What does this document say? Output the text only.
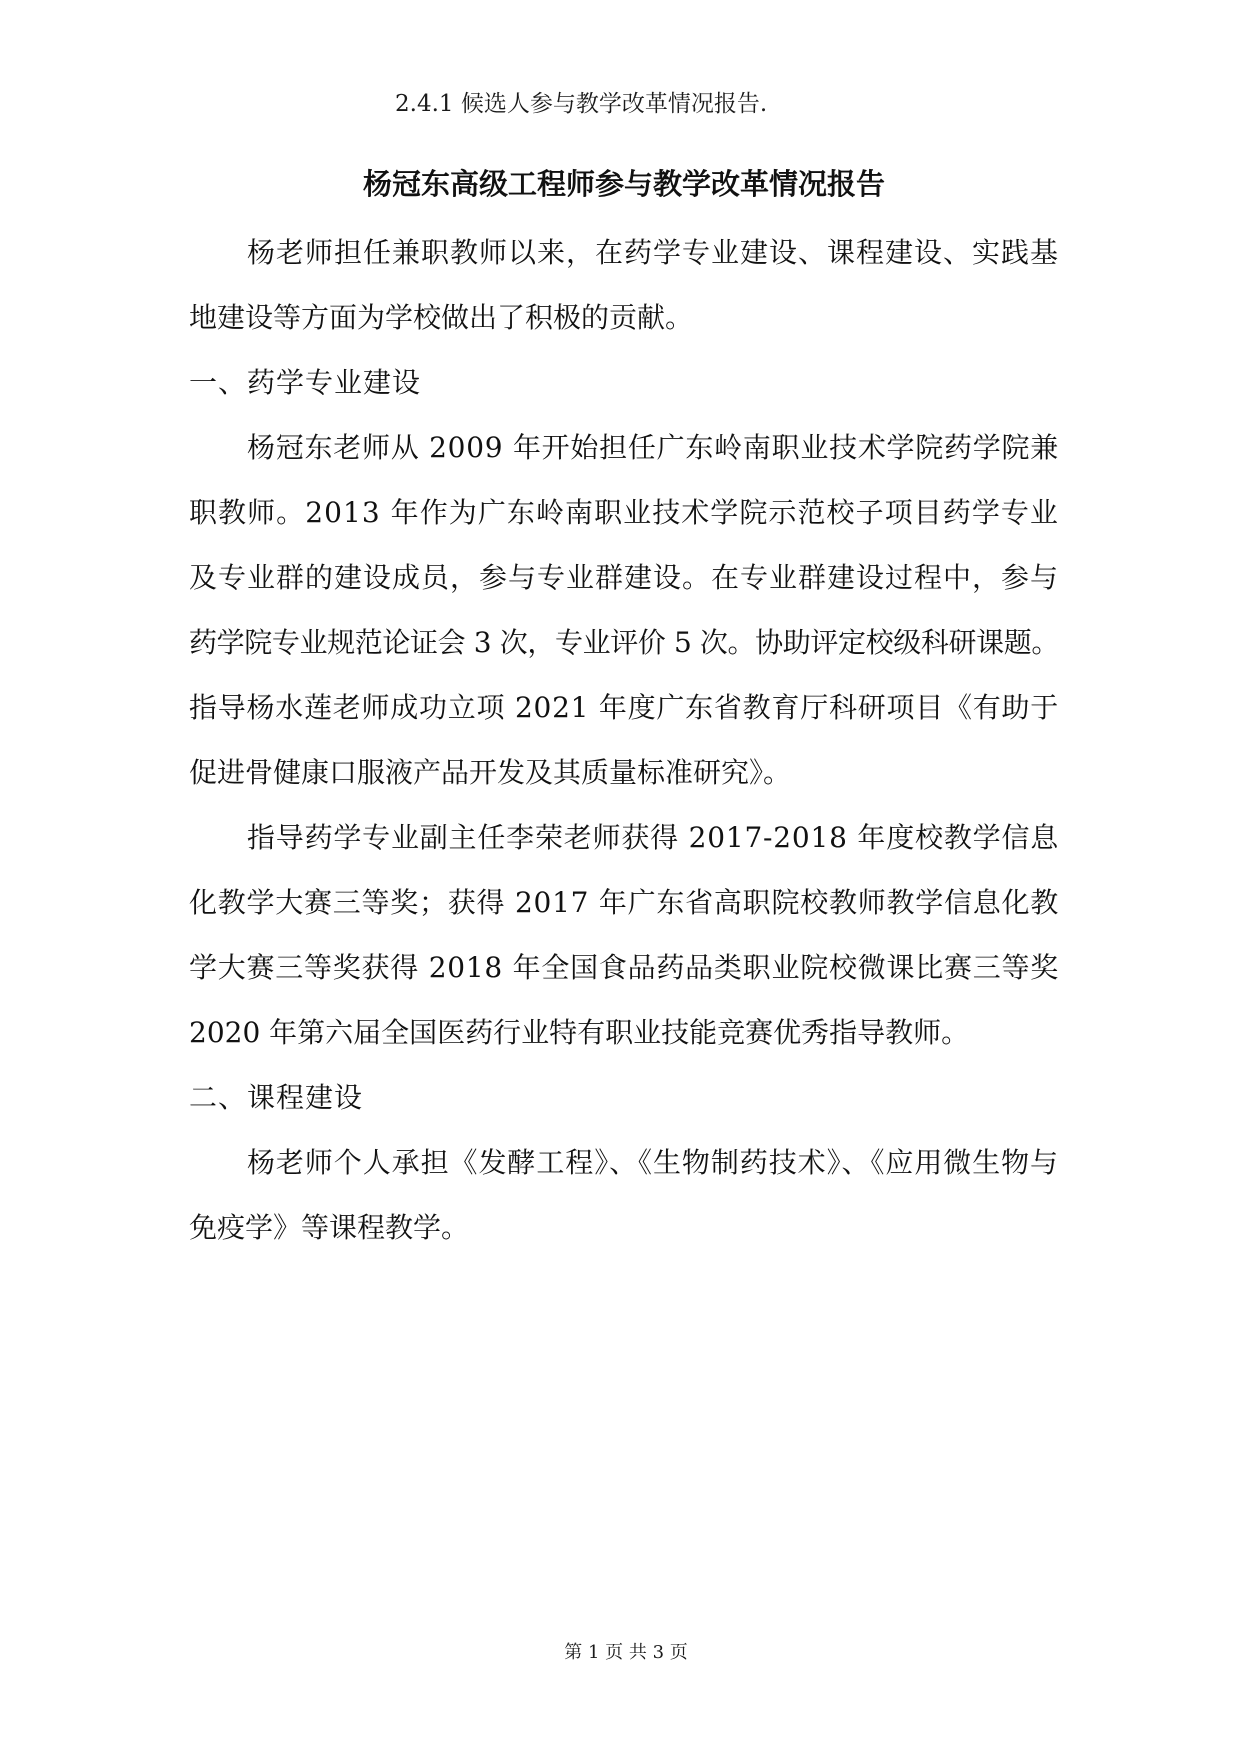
2.4.1 候选人参与教学改革情况报告.
杨冠东高级工程师参与教学改革情况报告
杨老师担任兼职教师以来，在药学专业建设、课程建设、实践基
地建设等方面为学校做出了积极的贡献。
一、药学专业建设
杨冠东老师从 2009 年开始担任广东岭南职业技术学院药学院兼
职教师。2013 年作为广东岭南职业技术学院示范校子项目药学专业
及专业群的建设成员，参与专业群建设。在专业群建设过程中，参与
药学院专业规范论证会 3 次，专业评价 5 次。协助评定校级科研课题。
指导杨水莲老师成功立项 2021 年度广东省教育厅科研项目《有助于
促进骨健康口服液产品开发及其质量标准研究》。
指导药学专业副主任李荣老师获得 2017-2018 年度校教学信息
化教学大赛三等奖；获得 2017 年广东省高职院校教师教学信息化教
学大赛三等奖获得 2018 年全国食品药品类职业院校微课比赛三等奖
2020 年第六届全国医药行业特有职业技能竞赛优秀指导教师。
二、课程建设
杨老师个人承担《发酵工程》、《生物制药技术》、《应用微生物与
免疫学》等课程教学。
第 1 页 共 3 页
